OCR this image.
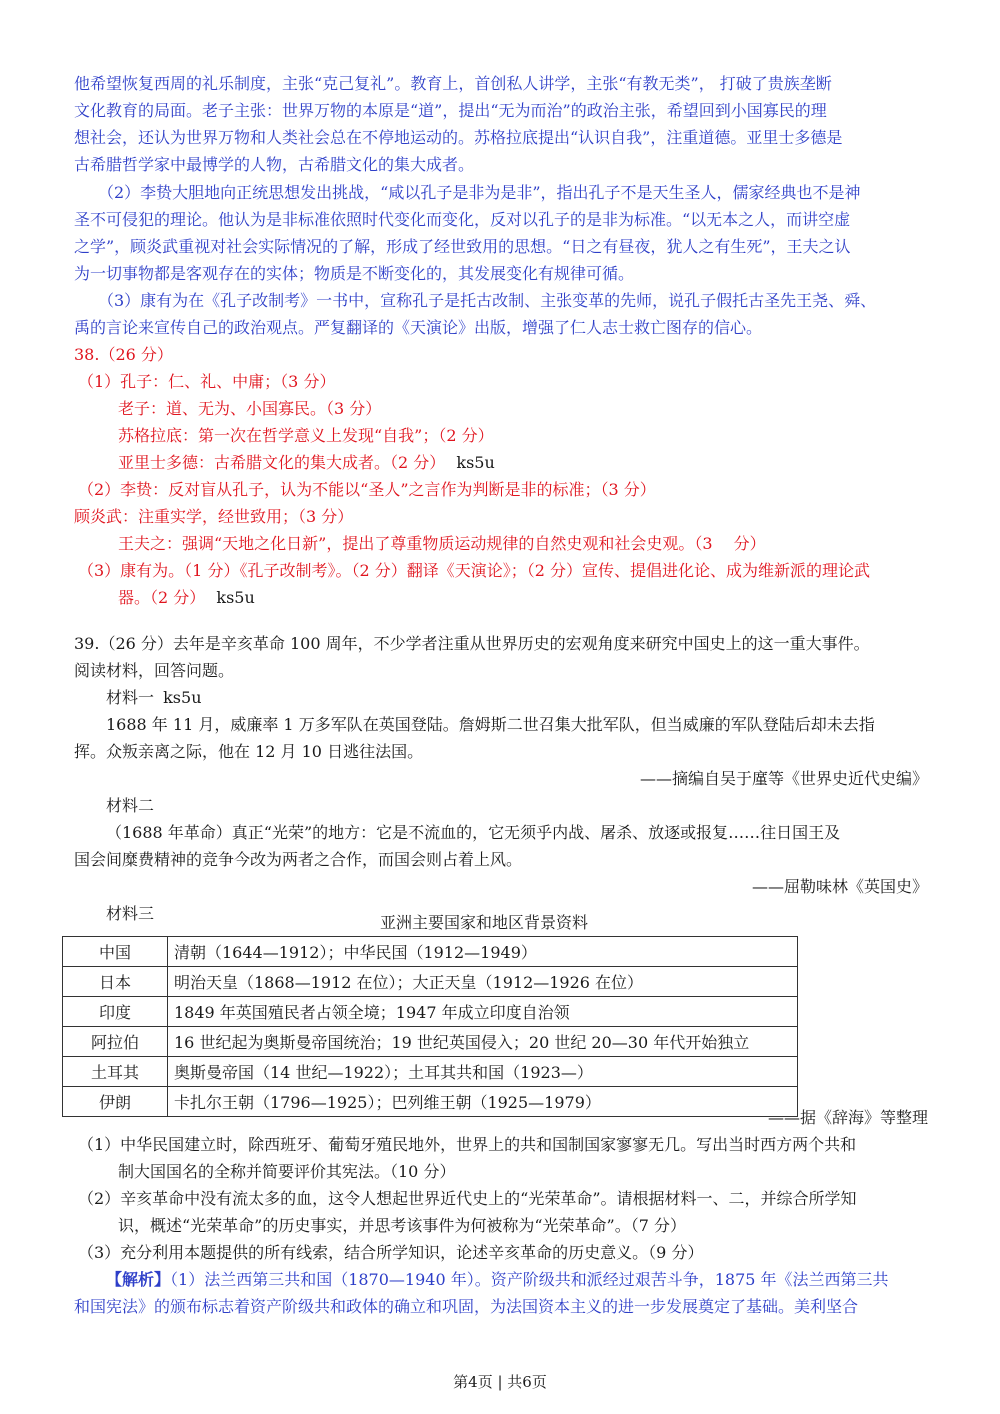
他希望恢复西周的礼乐制度，主张“克己复礼”。教育上，首创私人讲学，主张“有教无类”， 打破了贵族垄断
文化教育的局面。老子主张：世界万物的本原是“道”，提出“无为而治”的政治主张，希望回到小国寡民的理
想社会，还认为世界万物和人类社会总在不停地运动的。苏格拉底提出“认识自我”，注重道德。亚里士多德是
古希腊哲学家中最博学的人物，古希腊文化的集大成者。
（2）李贽大胆地向正统思想发出挑战，“咸以孔子是非为是非”，指出孔子不是天生圣人，儒家经典也不是神
圣不可侵犯的理论。他认为是非标准依照时代变化而变化，反对以孔子的是非为标准。“以无本之人，而讲空虚
之学”，顾炎武重视对社会实际情况的了解，形成了经世致用的思想。“日之有昼夜，犹人之有生死”，王夫之认
为一切事物都是客观存在的实体；物质是不断变化的，其发展变化有规律可循。
（3）康有为在《孔子改制考》一书中，宣称孔子是托古改制、主张变革的先师，说孔子假托古圣先王尧、舜、
禹的言论来宣传自己的政治观点。严复翻译的《天演论》出版，增强了仁人志士救亡图存的信心。
38.（26 分）
（1）孔子：仁、礼、中庸；（3 分）
老子：道、无为、小国寡民。（3 分）
苏格拉底：第一次在哲学意义上发现“自我”；（2 分）
亚里士多德：古希腊文化的集大成者。（2 分） ks5u
（2）李贽：反对盲从孔子，认为不能以“圣人”之言作为判断是非的标准；（3 分）
顾炎武：注重实学，经世致用；（3 分）
王夫之：强调“天地之化日新”，提出了尊重物质运动规律的自然史观和社会史观。（3　 分）
（3）康有为。（1 分）《孔子改制考》。（2 分）翻译《天演论》；（2 分）宣传、提倡进化论、成为维新派的理论武
器。（2 分） ks5u
39.（26 分）去年是辛亥革命 100 周年，不少学者注重从世界历史的宏观角度来研究中国史上的这一重大事件。
阅读材料，回答问题。
材料一 ks5u
1688 年 11 月，威廉率 1 万多军队在英国登陆。詹姆斯二世召集大批军队，但当威廉的军队登陆后却未去指
挥。众叛亲离之际，他在 12 月 10 日逃往法国。
——摘编自吴于廑等《世界史近代史编》
材料二
（1688 年革命）真正“光荣”的地方：它是不流血的，它无须乎内战、屠杀、放逐或报复……往日国王及
国会间糜费精神的竞争今改为两者之合作，而国会则占着上风。
——屈勒味林《英国史》
材料三	亚洲主要国家和地区背景资料
中国	清朝（1644—1912）；中华民国（1912—1949）
日本	明治天皇（1868—1912 在位）；大正天皇（1912—1926 在位）
印度	1849 年英国殖民者占领全境；1947 年成立印度自治领
阿拉伯	16 世纪起为奥斯曼帝国统治；19 世纪英国侵入；20 世纪 20—30 年代开始独立
土耳其	奥斯曼帝国（14 世纪—1922）；土耳其共和国（1923—）
伊朗	卡扎尔王朝（1796—1925）；巴列维王朝（1925—1979）
——据《辞海》等整理
（1）中华民国建立时，除西班牙、葡萄牙殖民地外，世界上的共和国制国家寥寥无几。写出当时西方两个共和
制大国国名的全称并简要评价其宪法。（10 分）
（2）辛亥革命中没有流太多的血，这令人想起世界近代史上的“光荣革命”。请根据材料一、二，并综合所学知
识，概述“光荣革命”的历史事实，并思考该事件为何被称为“光荣革命”。（7 分）
（3）充分利用本题提供的所有线索，结合所学知识，论述辛亥革命的历史意义。（9 分）
【解析】（1）法兰西第三共和国（1870—1940 年）。资产阶级共和派经过艰苦斗争，1875 年《法兰西第三共
和国宪法》的颁布标志着资产阶级共和政体的确立和巩固，为法国资本主义的进一步发展奠定了基础。美利坚合
第4页 | 共6页
